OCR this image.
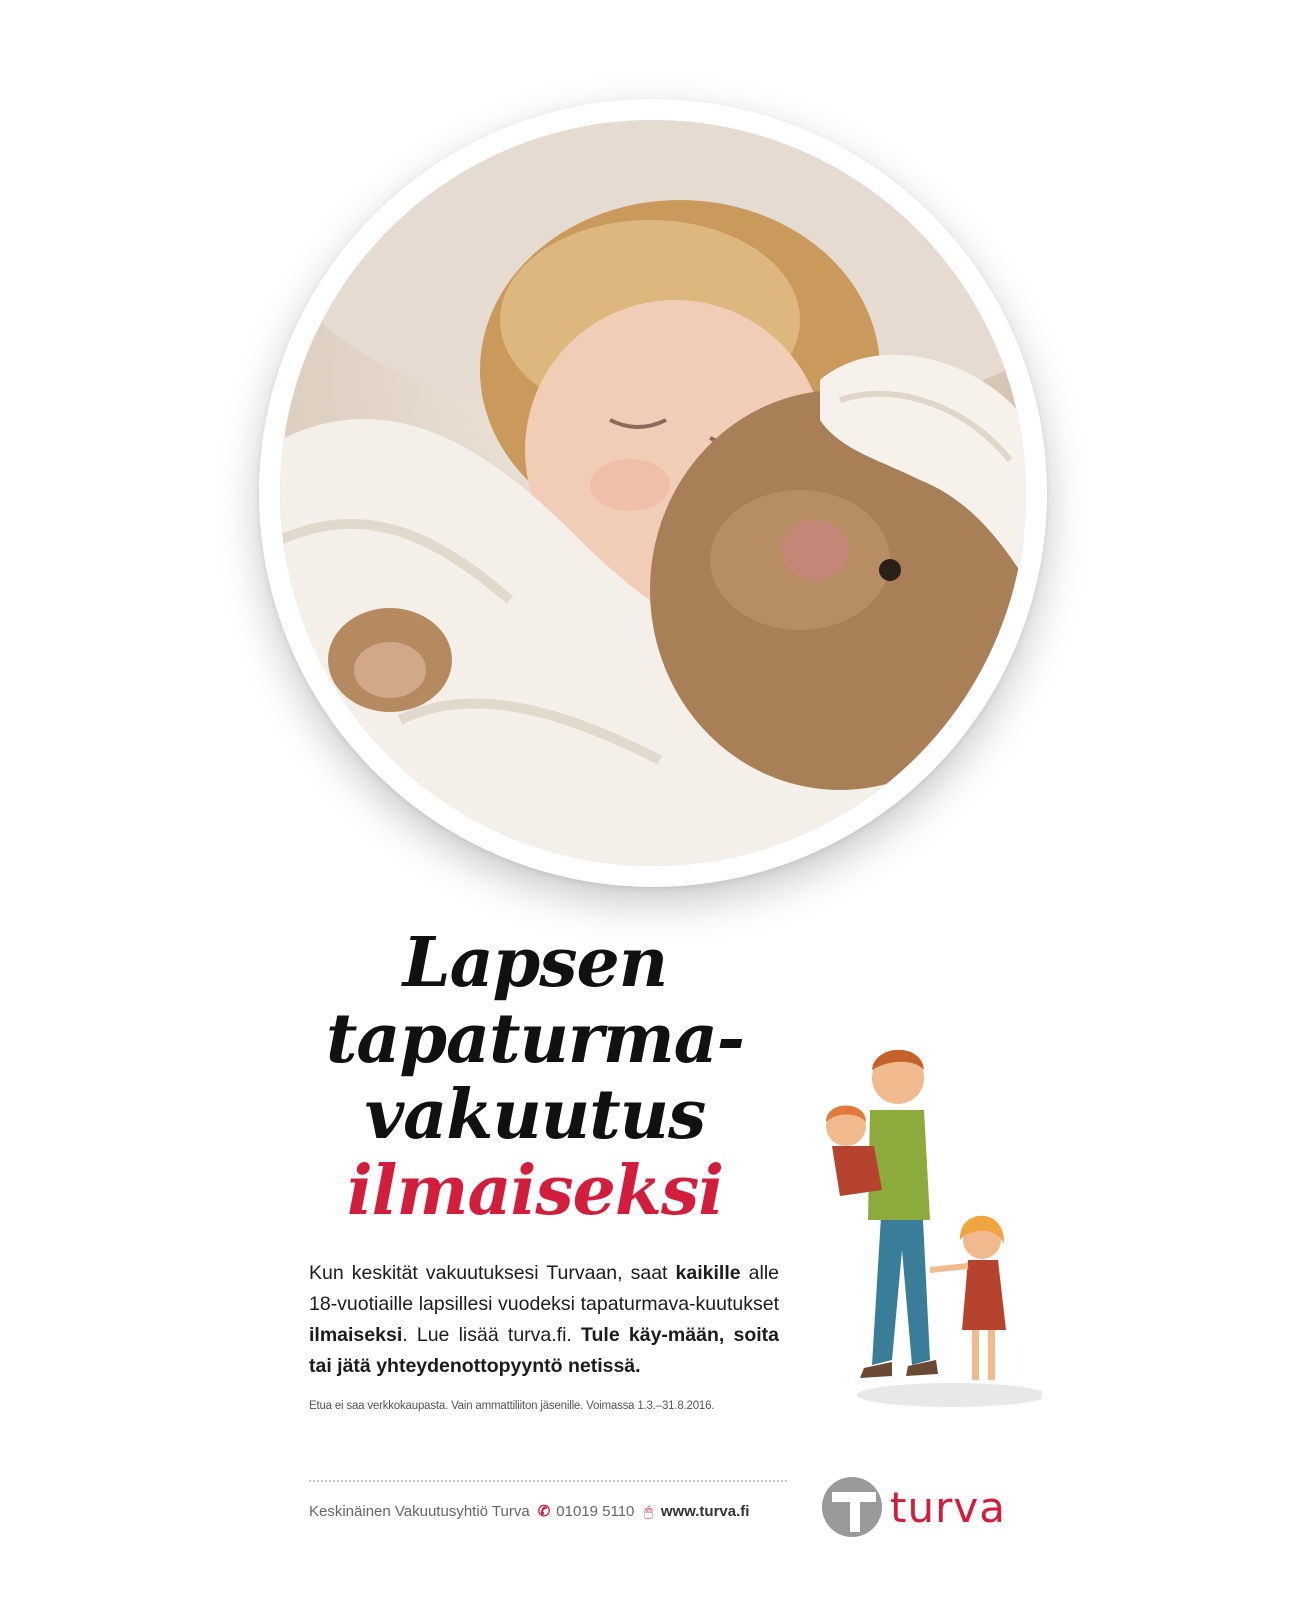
Lapsen
tapaturma-
vakuutus
ilmaiseksi
Kun keskität vakuutuksesi Turvaan, saat kaikille alle 18-vuotiaille lapsillesi vuodeksi tapaturmava-kuutukset ilmaiseksi. Lue lisää turva.fi. Tule käy-mään, soita tai jätä yhteydenottopyyntö netissä.
Etua ei saa verkkokaupasta. Vain ammattiliiton jäsenille. Voimassa 1.3.–31.8.2016.
Keskinäinen Vakuutusyhtiö Turva ✆ 01019 5110 🖱 www.turva.fi	turva
